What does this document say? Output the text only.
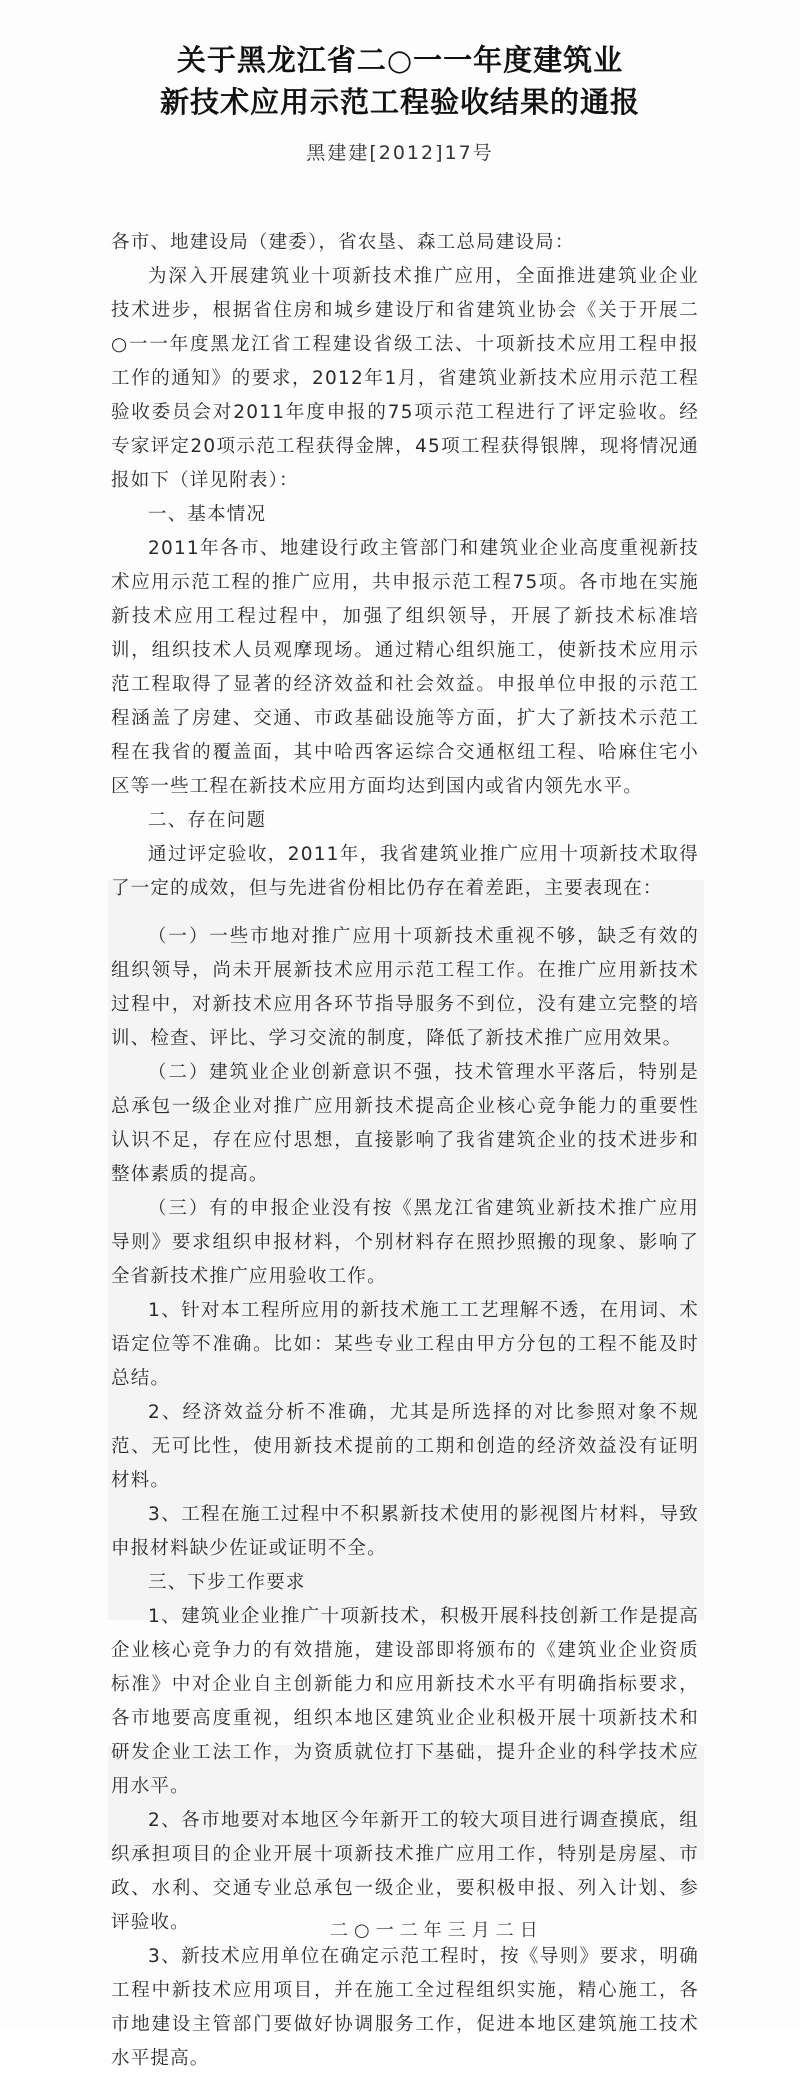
关于黑龙江省二○一一年度建筑业
新技术应用示范工程验收结果的通报
黑建建[2012]17号

各市、地建设局（建委），省农垦、森工总局建设局：

为深入开展建筑业十项新技术推广应用，全面推进建筑业企业技术进步，根据省住房和城乡建设厅和省建筑业协会《关于开展二○一一年度黑龙江省工程建设省级工法、十项新技术应用工程申报工作的通知》的要求，2012年1月，省建筑业新技术应用示范工程验收委员会对2011年度申报的75项示范工程进行了评定验收。经专家评定20项示范工程获得金牌，45项工程获得银牌，现将情况通报如下（详见附表）：

一、基本情况

2011年各市、地建设行政主管部门和建筑业企业高度重视新技术应用示范工程的推广应用，共申报示范工程75项。各市地在实施新技术应用工程过程中，加强了组织领导，开展了新技术标准培训，组织技术人员观摩现场。通过精心组织施工，使新技术应用示范工程取得了显著的经济效益和社会效益。申报单位申报的示范工程涵盖了房建、交通、市政基础设施等方面，扩大了新技术示范工程在我省的覆盖面，其中哈西客运综合交通枢纽工程、哈麻住宅小区等一些工程在新技术应用方面均达到国内或省内领先水平。

二、存在问题

通过评定验收，2011年，我省建筑业推广应用十项新技术取得了一定的成效，但与先进省份相比仍存在着差距，主要表现在：

（一）一些市地对推广应用十项新技术重视不够，缺乏有效的组织领导，尚未开展新技术应用示范工程工作。在推广应用新技术过程中，对新技术应用各环节指导服务不到位，没有建立完整的培训、检查、评比、学习交流的制度，降低了新技术推广应用效果。

（二）建筑业企业创新意识不强，技术管理水平落后，特别是总承包一级企业对推广应用新技术提高企业核心竞争能力的重要性认识不足，存在应付思想，直接影响了我省建筑企业的技术进步和整体素质的提高。

（三）有的申报企业没有按《黑龙江省建筑业新技术推广应用导则》要求组织申报材料，个别材料存在照抄照搬的现象、影响了全省新技术推广应用验收工作。

1、针对本工程所应用的新技术施工工艺理解不透，在用词、术语定位等不准确。比如：某些专业工程由甲方分包的工程不能及时总结。

2、经济效益分析不准确，尤其是所选择的对比参照对象不规范、无可比性，使用新技术提前的工期和创造的经济效益没有证明材料。

3、工程在施工过程中不积累新技术使用的影视图片材料，导致申报材料缺少佐证或证明不全。

三、下步工作要求

1、建筑业企业推广十项新技术，积极开展科技创新工作是提高企业核心竞争力的有效措施，建设部即将颁布的《建筑业企业资质标准》中对企业自主创新能力和应用新技术水平有明确指标要求，各市地要高度重视，组织本地区建筑业企业积极开展十项新技术和研发企业工法工作，为资质就位打下基础，提升企业的科学技术应用水平。

2、各市地要对本地区今年新开工的较大项目进行调查摸底，组织承担项目的企业开展十项新技术推广应用工作，特别是房屋、市政、水利、交通专业总承包一级企业，要积极申报、列入计划、参评验收。

3、新技术应用单位在确定示范工程时，按《导则》要求，明确工程中新技术应用项目，并在施工全过程组织实施，精心施工，各市地建设主管部门要做好协调服务工作，促进本地区建筑施工技术水平提高。

二○一二年三月二日
